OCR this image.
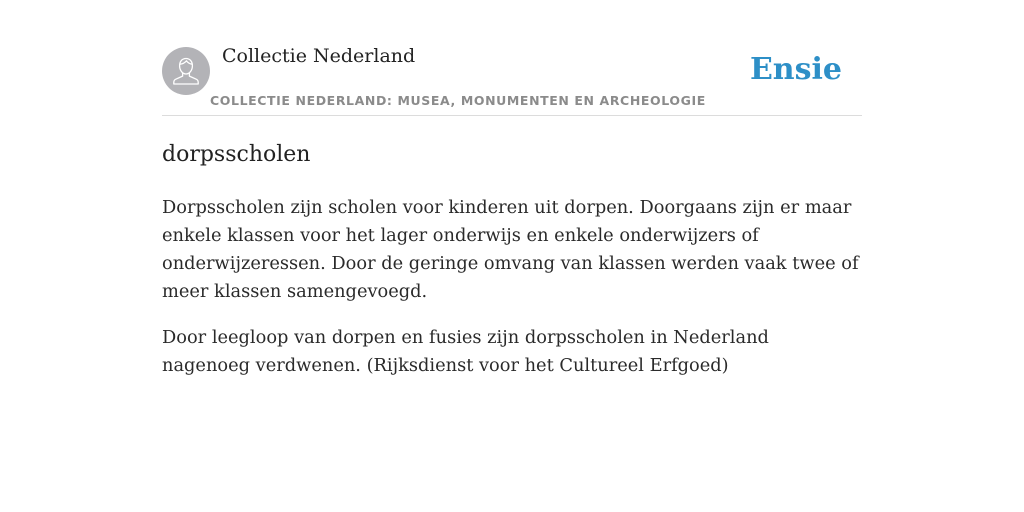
Collectie Nederland
COLLECTIE NEDERLAND: MUSEA, MONUMENTEN EN ARCHEOLOGIE
Ensie
dorpsscholen

Dorpsscholen zijn scholen voor kinderen uit dorpen. Doorgaans zijn er maar enkele klassen voor het lager onderwijs en enkele onderwijzers of onderwijzeressen. Door de geringe omvang van klassen werden vaak twee of meer klassen samengevoegd.

Door leegloop van dorpen en fusies zijn dorpsscholen in Nederland nagenoeg verdwenen. (Rijksdienst voor het Cultureel Erfgoed)
